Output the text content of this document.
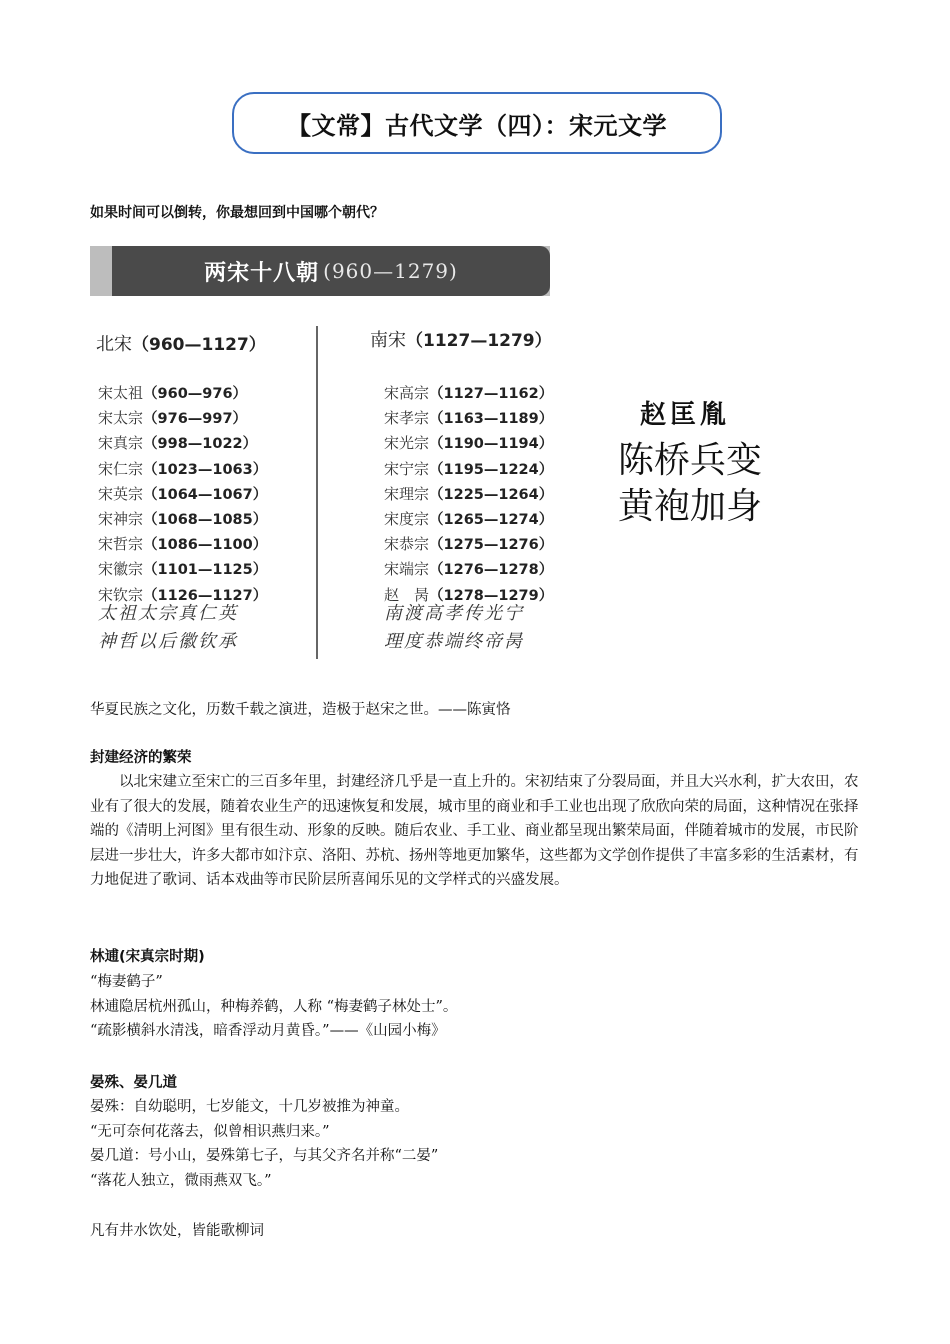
【文常】古代文学（四）：宋元文学
如果时间可以倒转，你最想回到中国哪个朝代？
两宋十八朝 (960—1279)
北宋（960—1127）
宋太祖（960—976）
宋太宗（976—997）
宋真宗（998—1022）
宋仁宗（1023—1063）
宋英宗（1064—1067）
宋神宗（1068—1085）
宋哲宗（1086—1100）
宋徽宗（1101—1125）
宋钦宗（1126—1127）
太祖太宗真仁英
神哲以后徽钦承
南宋（1127—1279）
宋高宗（1127—1162）
宋孝宗（1163—1189）
宋光宗（1190—1194）
宋宁宗（1195—1224）
宋理宗（1225—1264）
宋度宗（1265—1274）
宋恭宗（1275—1276）
宋端宗（1276—1278）
赵　昺（1278—1279）
南渡高孝传光宁
理度恭端终帝昺
赵匡胤
陈桥兵变
黄袍加身
华夏民族之文化，历数千载之演进，造极于赵宋之世。——陈寅恪
封建经济的繁荣
以北宋建立至宋亡的三百多年里，封建经济几乎是一直上升的。宋初结束了分裂局面，并且大兴水利，扩大农田，农业有了很大的发展，随着农业生产的迅速恢复和发展，城市里的商业和手工业也出现了欣欣向荣的局面，这种情况在张择端的《清明上河图》里有很生动、形象的反映。随后农业、手工业、商业都呈现出繁荣局面，伴随着城市的发展，市民阶层进一步壮大，许多大都市如汴京、洛阳、苏杭、扬州等地更加繁华，这些都为文学创作提供了丰富多彩的生活素材，有力地促进了歌词、话本戏曲等市民阶层所喜闻乐见的文学样式的兴盛发展。
林逋(宋真宗时期)
“梅妻鹤子”
林逋隐居杭州孤山，种梅养鹤，人称 “梅妻鹤子林处士”。
“疏影横斜水清浅，暗香浮动月黄昏。”——《山园小梅》
晏殊、晏几道
晏殊：自幼聪明，七岁能文，十几岁被推为神童。
“无可奈何花落去，似曾相识燕归来。”
晏几道：号小山，晏殊第七子，与其父齐名并称“二晏”
“落花人独立，微雨燕双飞。”
凡有井水饮处，皆能歌柳词
